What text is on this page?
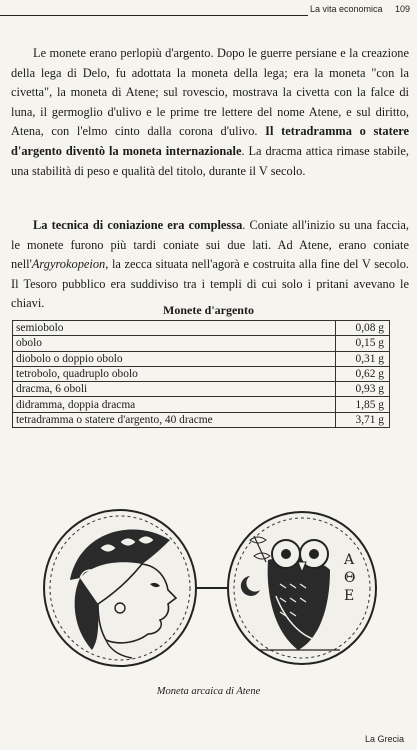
La vita economica 109

Le monete erano perlopiù d'argento. Dopo le guerre persiane e la creazione della lega di Delo, fu adottata la moneta della lega; era la moneta "con la civetta", la moneta di Atene; sul rovescio, mostrava la civetta con la falce di luna, il germoglio d'ulivo e le prime tre lettere del nome Atene, e sul diritto, Atena, con l'elmo cinto dalla corona d'ulivo. Il tetradramma o statere d'argento diventò la moneta internazionale. La dracma attica rimase stabile, una stabilità di peso e qualità del titolo, durante il V secolo.

La tecnica di coniazione era complessa. Coniate all'inizio su una faccia, le monete furono più tardi coniate sui due lati. Ad Atene, erano coniate nell'Argyrokopeion, la zecca situata nell'agorà e costruita alla fine del V secolo. Il Tesoro pubblico era suddiviso tra i templi di cui solo i pritani avevano le chiavi.	Monete d'argento
semiobolo	0,08 g
obolo	0,15 g
diobolo o doppio obolo	0,31 g
tetrobolo, quadruplo obolo	0,62 g
dracma, 6 oboli	0,93 g
didramma, doppia dracma	1,85 g
tetradramma o statere d'argento, 40 dracme	3,71 g
Α Θ Ε
Moneta arcaica di Atene
La Grecia
